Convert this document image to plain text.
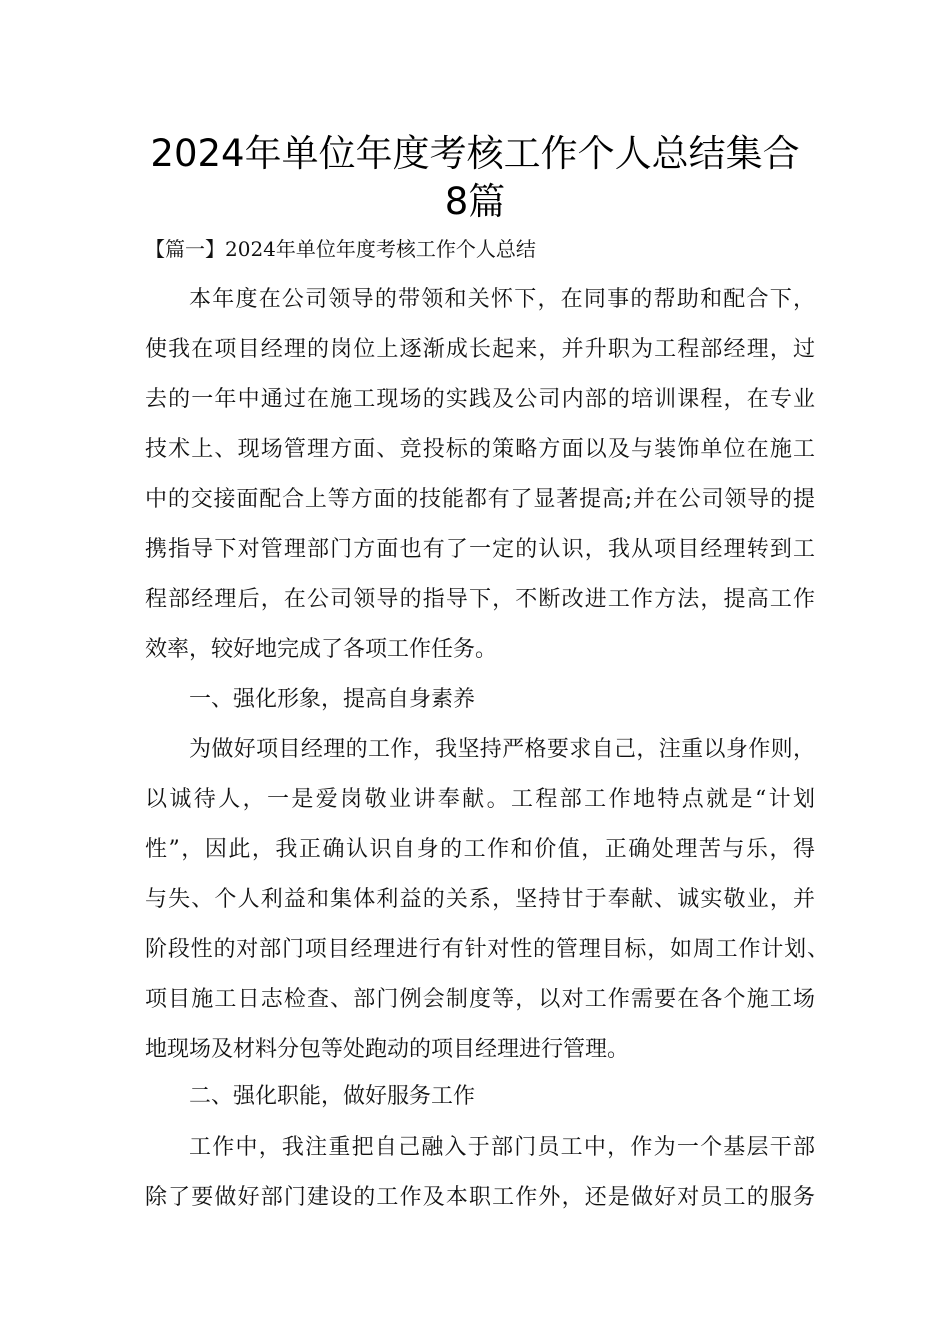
2024年单位年度考核工作个人总结集合
8篇
【篇一】2024年单位年度考核工作个人总结
本年度在公司领导的带领和关怀下，在同事的帮助和配合下，
使我在项目经理的岗位上逐渐成长起来，并升职为工程部经理，过
去的一年中通过在施工现场的实践及公司内部的培训课程，在专业
技术上、现场管理方面、竞投标的策略方面以及与装饰单位在施工
中的交接面配合上等方面的技能都有了显著提高;并在公司领导的提
携指导下对管理部门方面也有了一定的认识，我从项目经理转到工
程部经理后，在公司领导的指导下，不断改进工作方法，提高工作
效率，较好地完成了各项工作任务。
一、强化形象，提高自身素养
为做好项目经理的工作，我坚持严格要求自己，注重以身作则，
以诚待人，一是爱岗敬业讲奉献。工程部工作地特点就是“计划
性”，因此，我正确认识自身的工作和价值，正确处理苦与乐，得
与失、个人利益和集体利益的关系，坚持甘于奉献、诚实敬业，并
阶段性的对部门项目经理进行有针对性的管理目标，如周工作计划、
项目施工日志检查、部门例会制度等，以对工作需要在各个施工场
地现场及材料分包等处跑动的项目经理进行管理。
二、强化职能，做好服务工作
工作中，我注重把自己融入于部门员工中，作为一个基层干部
除了要做好部门建设的工作及本职工作外，还是做好对员工的服务
